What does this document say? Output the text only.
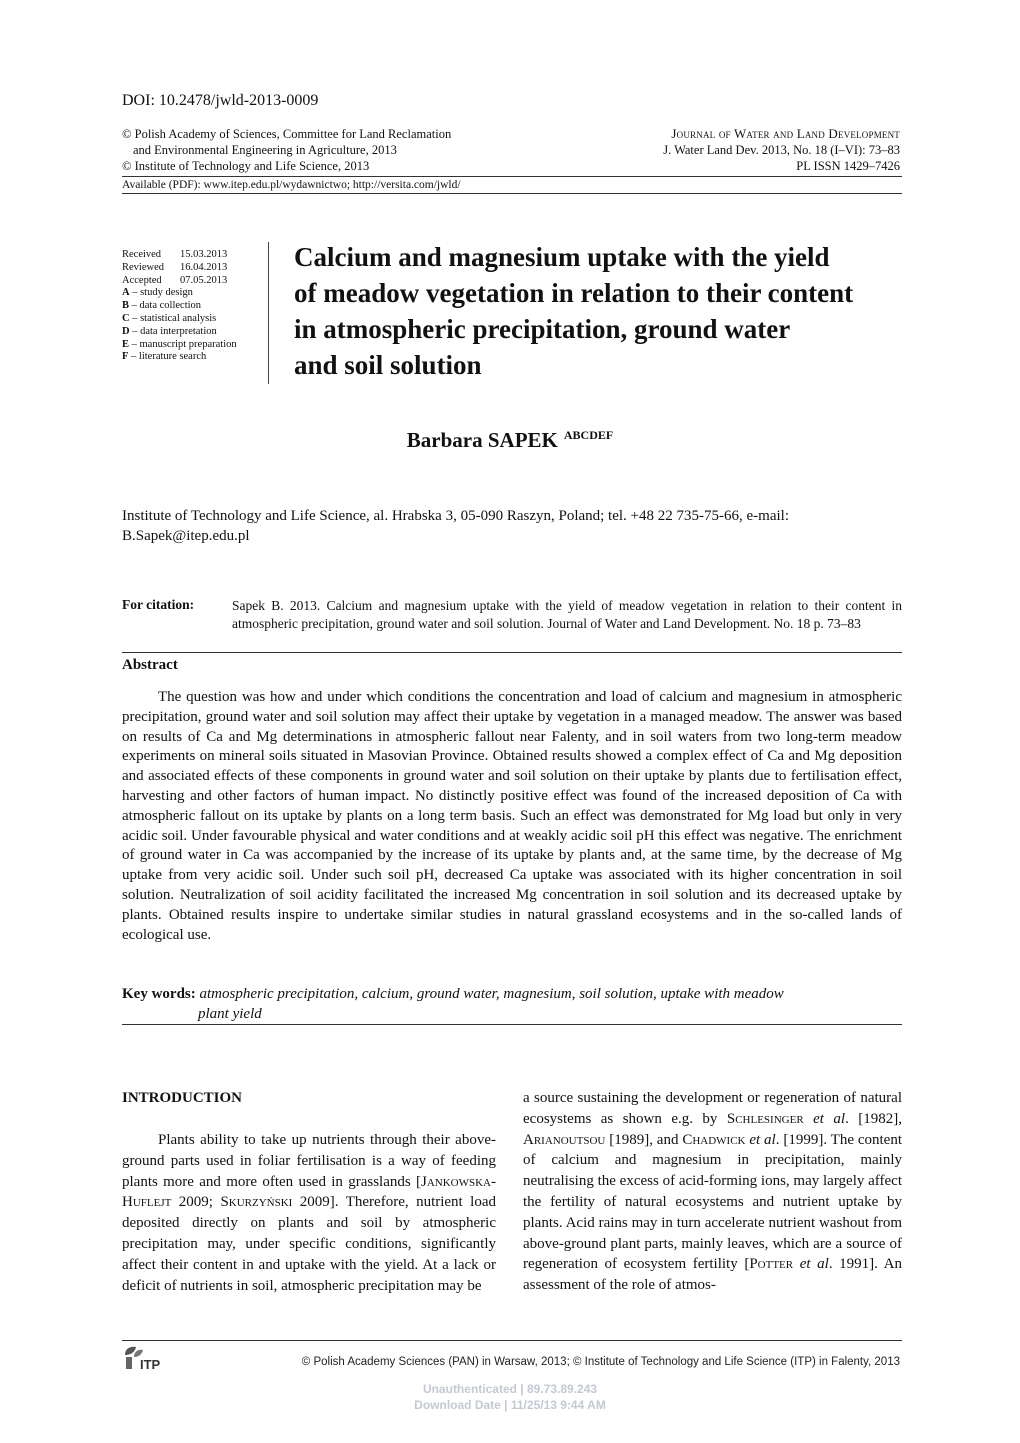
DOI: 10.2478/jwld-2013-0009
© Polish Academy of Sciences, Committee for Land Reclamation
and Environmental Engineering in Agriculture, 2013
© Institute of Technology and Life Science, 2013
Journal of Water and Land Development
J. Water Land Dev. 2013, No. 18 (I–VI): 73–83
PL ISSN 1429–7426
Available (PDF): www.itep.edu.pl/wydawnictwo; http://versita.com/jwld/
Received 15.03.2013
Reviewed 16.04.2013
Accepted 07.05.2013
A – study design
B – data collection
C – statistical analysis
D – data interpretation
E – manuscript preparation
F – literature search
Calcium and magnesium uptake with the yield
of meadow vegetation in relation to their content
in atmospheric precipitation, ground water
and soil solution
Barbara SAPEK $^{ABCDEF}$
Institute of Technology and Life Science, al. Hrabska 3, 05-090 Raszyn, Poland; tel. +48 22 735-75-66, e-mail: B.Sapek@itep.edu.pl
For citation:	Sapek B. 2013. Calcium and magnesium uptake with the yield of meadow vegetation in relation to their content in atmospheric precipitation, ground water and soil solution. Journal of Water and Land Development. No. 18 p. 73–83
Abstract
The question was how and under which conditions the concentration and load of calcium and magnesium in atmospheric precipitation, ground water and soil solution may affect their uptake by vegetation in a managed meadow. The answer was based on results of Ca and Mg determinations in atmospheric fallout near Falenty, and in soil waters from two long-term meadow experiments on mineral soils situated in Masovian Province. Obtained results showed a complex effect of Ca and Mg deposition and associated effects of these components in ground water and soil solution on their uptake by plants due to fertilisation effect, harvesting and other factors of human impact. No distinctly positive effect was found of the increased deposition of Ca with atmospheric fallout on its uptake by plants on a long term basis. Such an effect was demonstrated for Mg load but only in very acidic soil. Under favourable physical and water conditions and at weakly acidic soil pH this effect was negative. The enrichment of ground water in Ca was accompanied by the increase of its uptake by plants and, at the same time, by the decrease of Mg uptake from very acidic soil. Under such soil pH, decreased Ca uptake was associated with its higher concentration in soil solution. Neutralization of soil acidity facilitated the increased Mg concentration in soil solution and its decreased uptake by plants. Obtained results inspire to undertake similar studies in natural grassland ecosystems and in the so-called lands of ecological use.
Key words: atmospheric precipitation, calcium, ground water, magnesium, soil solution, uptake with meadow
plant yield
INTRODUCTION
Plants ability to take up nutrients through their above-ground parts used in foliar fertilisation is a way of feeding plants more and more often used in grasslands [Jankowska-Huflejt 2009; Skurzyński 2009]. Therefore, nutrient load deposited directly on plants and soil by atmospheric precipitation may, under specific conditions, significantly affect their content in and uptake with the yield. At a lack or deficit of nutrients in soil, atmospheric precipitation may be
a source sustaining the development or regeneration of natural ecosystems as shown e.g. by Schlesinger et al. [1982], Arianoutsou [1989], and Chadwick et al. [1999]. The content of calcium and magnesium in precipitation, mainly neutralising the excess of acid-forming ions, may largely affect the fertility of natural ecosystems and nutrient uptake by plants. Acid rains may in turn accelerate nutrient washout from above-ground plant parts, mainly leaves, which are a source of regeneration of ecosystem fertility [Potter et al. 1991]. An assessment of the role of atmos-
ITP	© Polish Academy Sciences (PAN) in Warsaw, 2013; © Institute of Technology and Life Science (ITP) in Falenty, 2013
Unauthenticated | 89.73.89.243
Download Date | 11/25/13 9:44 AM
